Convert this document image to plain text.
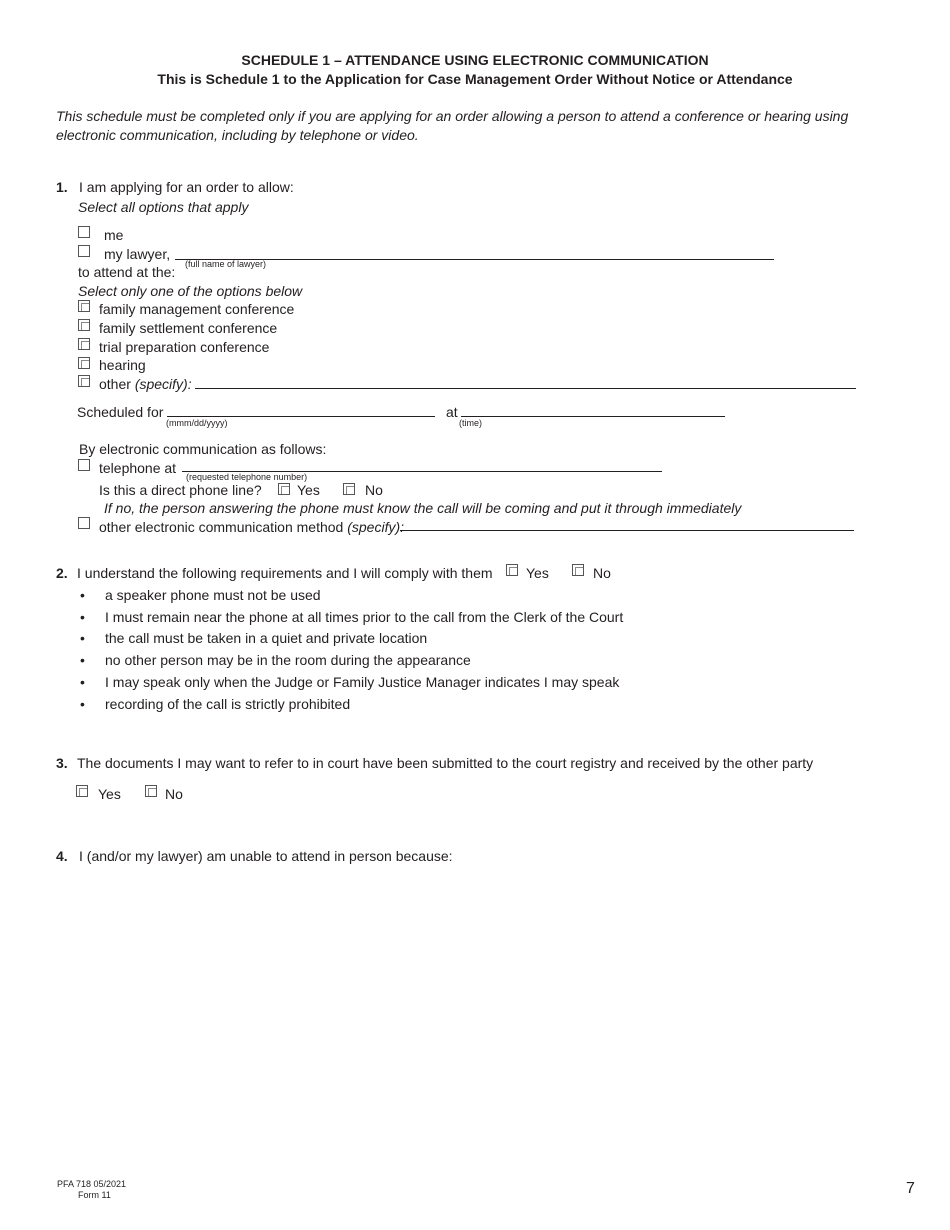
SCHEDULE 1 – ATTENDANCE USING ELECTRONIC COMMUNICATION
This is Schedule 1 to the Application for Case Management Order Without Notice or Attendance
This schedule must be completed only if you are applying for an order allowing a person to attend a conference or hearing using
electronic communication, including by telephone or video.
1. I am applying for an order to allow:
Select all options that apply
me
my lawyer,
(full name of lawyer)
to attend at the:
Select only one of the options below
family management conference
family settlement conference
trial preparation conference
hearing
other (specify):
Scheduled for
(mmm/dd/yyyy)
at
(time)
By electronic communication as follows:
telephone at
(requested telephone number)
Is this a direct phone line?	Yes	No
If no, the person answering the phone must know the call will be coming and put it through immediately
other electronic communication method (specify):
2. I understand the following requirements and I will comply with them Yes	No
• a speaker phone must not be used
• I must remain near the phone at all times prior to the call from the Clerk of the Court
• the call must be taken in a quiet and private location
• no other person may be in the room during the appearance
• I may speak only when the Judge or Family Justice Manager indicates I may speak
• recording of the call is strictly prohibited
3. The documents I may want to refer to in court have been submitted to the court registry and received by the other party
Yes	No
4. I (and/or my lawyer) am unable to attend in person because:
PFA 718 05/2021
Form 11	7
